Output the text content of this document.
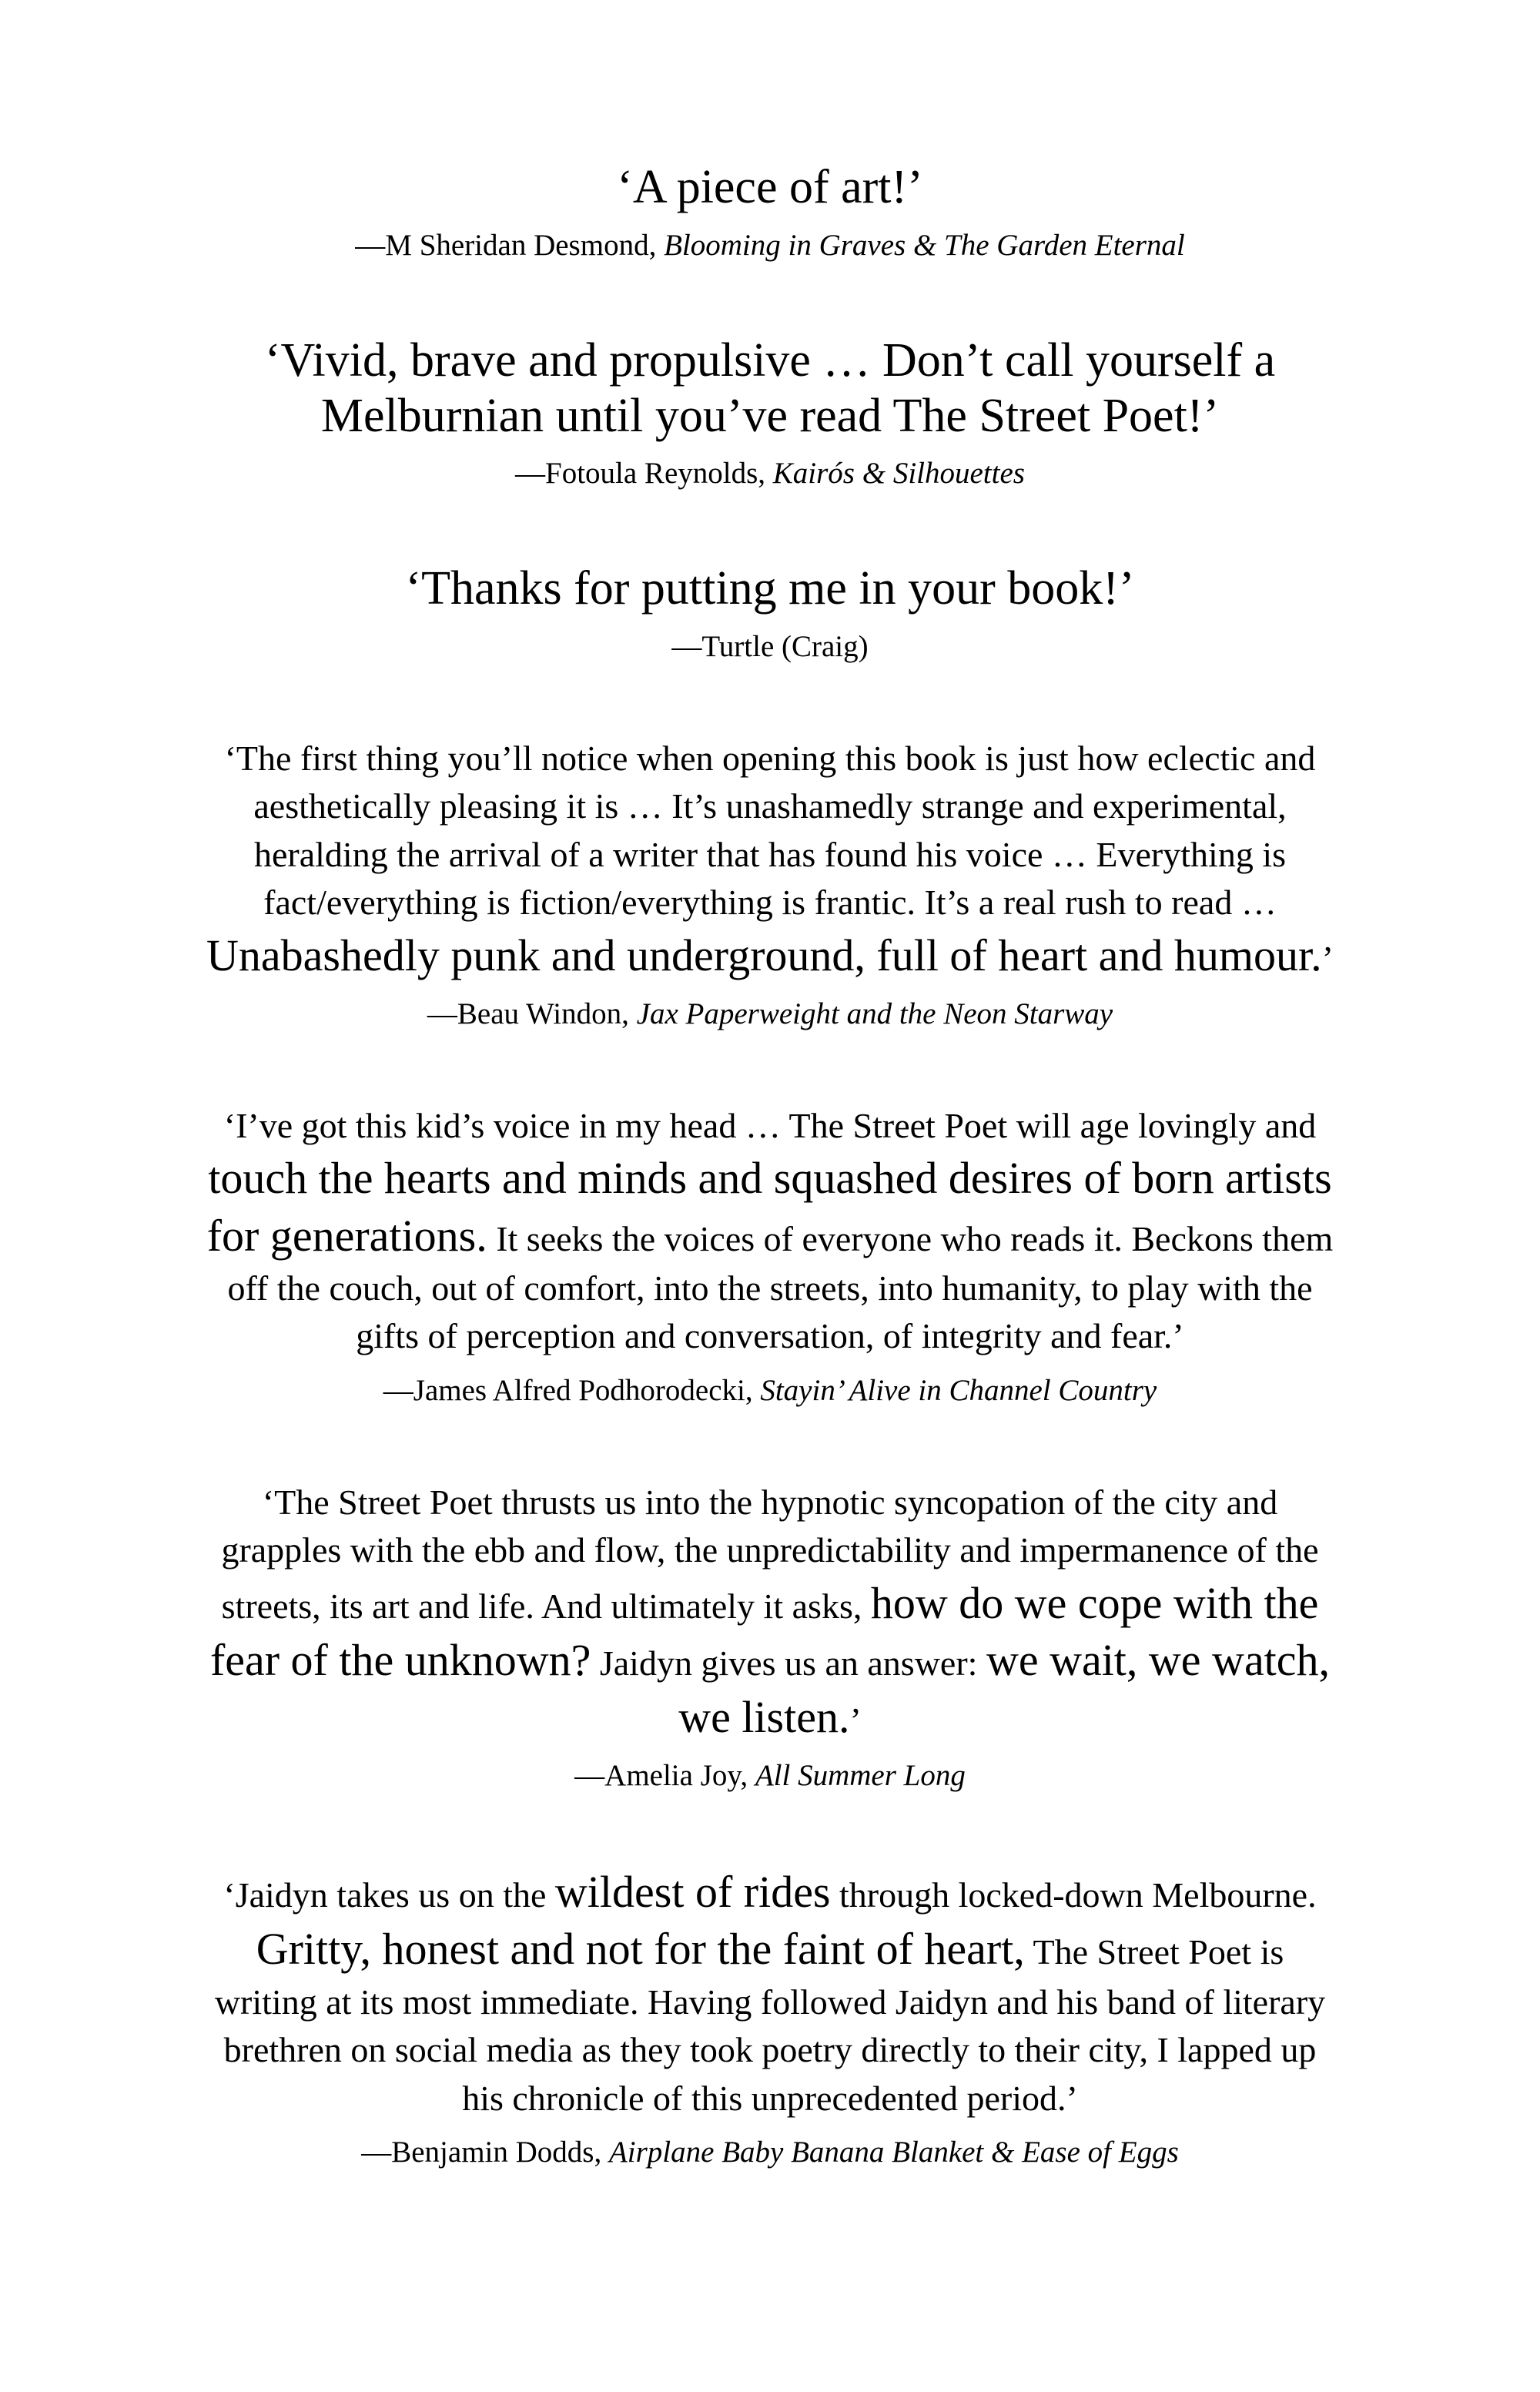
‘A piece of art!’

—M Sheridan Desmond, Blooming in Graves & The Garden Eternal

‘Vivid, brave and propulsive … Don’t call yourself a Melburnian until you’ve read The Street Poet!’

—Fotoula Reynolds, Kairós & Silhouettes

‘Thanks for putting me in your book!’

—Turtle (Craig)

‘The first thing you’ll notice when opening this book is just how eclectic and aesthetically pleasing it is … It’s unashamedly strange and experimental, heralding the arrival of a writer that has found his voice … Everything is fact/everything is fiction/everything is frantic. It’s a real rush to read … Unabashedly punk and underground, full of heart and humour.’

—Beau Windon, Jax Paperweight and the Neon Starway

‘I’ve got this kid’s voice in my head … The Street Poet will age lovingly and touch the hearts and minds and squashed desires of born artists for generations. It seeks the voices of everyone who reads it. Beckons them off the couch, out of comfort, into the streets, into humanity, to play with the gifts of perception and conversation, of integrity and fear.’

—James Alfred Podhorodecki, Stayin’ Alive in Channel Country

‘The Street Poet thrusts us into the hypnotic syncopation of the city and grapples with the ebb and flow, the unpredictability and impermanence of the streets, its art and life. And ultimately it asks, how do we cope with the fear of the unknown? Jaidyn gives us an answer: we wait, we watch, we listen.’

—Amelia Joy, All Summer Long

‘Jaidyn takes us on the wildest of rides through locked-down Melbourne. Gritty, honest and not for the faint of heart, The Street Poet is writing at its most immediate. Having followed Jaidyn and his band of literary brethren on social media as they took poetry directly to their city, I lapped up his chronicle of this unprecedented period.’

—Benjamin Dodds, Airplane Baby Banana Blanket & Ease of Eggs
